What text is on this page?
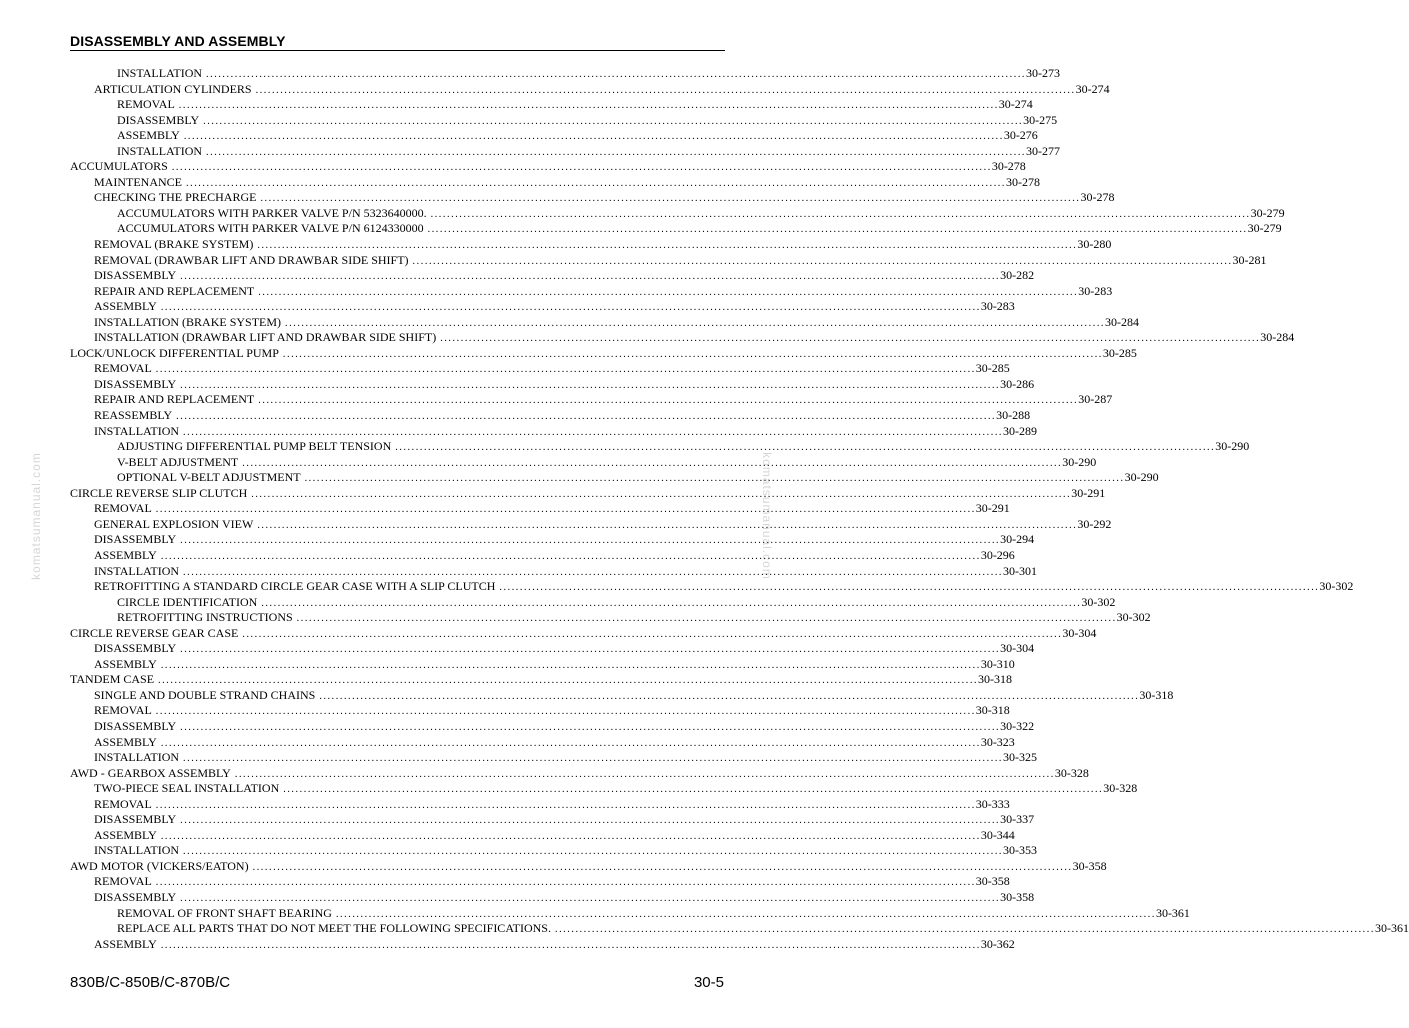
DISASSEMBLY AND ASSEMBLY
komatsumanual.com	komatsumanual.com
INSTALLATION ........................................................................................................................................................................................................ 30-273
ARTICULATION CYLINDERS ........................................................................................................................................................................................................ 30-274
REMOVAL ........................................................................................................................................................................................................ 30-274
DISASSEMBLY ........................................................................................................................................................................................................ 30-275
ASSEMBLY ........................................................................................................................................................................................................ 30-276
INSTALLATION ........................................................................................................................................................................................................ 30-277
ACCUMULATORS ........................................................................................................................................................................................................ 30-278
MAINTENANCE ........................................................................................................................................................................................................ 30-278
CHECKING THE PRECHARGE ........................................................................................................................................................................................................ 30-278
ACCUMULATORS WITH PARKER VALVE P/N 5323640000. ........................................................................................................................................................................................................ 30-279
ACCUMULATORS WITH PARKER VALVE P/N 6124330000 ........................................................................................................................................................................................................ 30-279
REMOVAL (BRAKE SYSTEM) ........................................................................................................................................................................................................ 30-280
REMOVAL (DRAWBAR LIFT AND DRAWBAR SIDE SHIFT) ........................................................................................................................................................................................................ 30-281
DISASSEMBLY ........................................................................................................................................................................................................ 30-282
REPAIR AND REPLACEMENT ........................................................................................................................................................................................................ 30-283
ASSEMBLY ........................................................................................................................................................................................................ 30-283
INSTALLATION (BRAKE SYSTEM) ........................................................................................................................................................................................................ 30-284
INSTALLATION (DRAWBAR LIFT AND DRAWBAR SIDE SHIFT) ........................................................................................................................................................................................................ 30-284
LOCK/UNLOCK DIFFERENTIAL PUMP ........................................................................................................................................................................................................ 30-285
REMOVAL ........................................................................................................................................................................................................ 30-285
DISASSEMBLY ........................................................................................................................................................................................................ 30-286
REPAIR AND REPLACEMENT ........................................................................................................................................................................................................ 30-287
REASSEMBLY ........................................................................................................................................................................................................ 30-288
INSTALLATION ........................................................................................................................................................................................................ 30-289
ADJUSTING DIFFERENTIAL PUMP BELT TENSION ........................................................................................................................................................................................................ 30-290
V-BELT ADJUSTMENT ........................................................................................................................................................................................................ 30-290
OPTIONAL V-BELT ADJUSTMENT ........................................................................................................................................................................................................ 30-290
CIRCLE REVERSE SLIP CLUTCH ........................................................................................................................................................................................................ 30-291
REMOVAL ........................................................................................................................................................................................................ 30-291
GENERAL EXPLOSION VIEW ........................................................................................................................................................................................................ 30-292
DISASSEMBLY ........................................................................................................................................................................................................ 30-294
ASSEMBLY ........................................................................................................................................................................................................ 30-296
INSTALLATION ........................................................................................................................................................................................................ 30-301
RETROFITTING A STANDARD CIRCLE GEAR CASE WITH A SLIP CLUTCH ........................................................................................................................................................................................................ 30-302
CIRCLE IDENTIFICATION ........................................................................................................................................................................................................ 30-302
RETROFITTING INSTRUCTIONS ........................................................................................................................................................................................................ 30-302
CIRCLE REVERSE GEAR CASE ........................................................................................................................................................................................................ 30-304
DISASSEMBLY ........................................................................................................................................................................................................ 30-304
ASSEMBLY ........................................................................................................................................................................................................ 30-310
TANDEM CASE ........................................................................................................................................................................................................ 30-318
SINGLE AND DOUBLE STRAND CHAINS ........................................................................................................................................................................................................ 30-318
REMOVAL ........................................................................................................................................................................................................ 30-318
DISASSEMBLY ........................................................................................................................................................................................................ 30-322
ASSEMBLY ........................................................................................................................................................................................................ 30-323
INSTALLATION ........................................................................................................................................................................................................ 30-325
AWD - GEARBOX ASSEMBLY ........................................................................................................................................................................................................ 30-328
TWO-PIECE SEAL INSTALLATION ........................................................................................................................................................................................................ 30-328
REMOVAL ........................................................................................................................................................................................................ 30-333
DISASSEMBLY ........................................................................................................................................................................................................ 30-337
ASSEMBLY ........................................................................................................................................................................................................ 30-344
INSTALLATION ........................................................................................................................................................................................................ 30-353
AWD MOTOR (VICKERS/EATON) ........................................................................................................................................................................................................ 30-358
REMOVAL ........................................................................................................................................................................................................ 30-358
DISASSEMBLY ........................................................................................................................................................................................................ 30-358
REMOVAL OF FRONT SHAFT BEARING ........................................................................................................................................................................................................ 30-361
REPLACE ALL PARTS THAT DO NOT MEET THE FOLLOWING SPECIFICATIONS. ........................................................................................................................................................................................................ 30-361
ASSEMBLY ........................................................................................................................................................................................................ 30-362
830B/C-850B/C-870B/C	30-5
